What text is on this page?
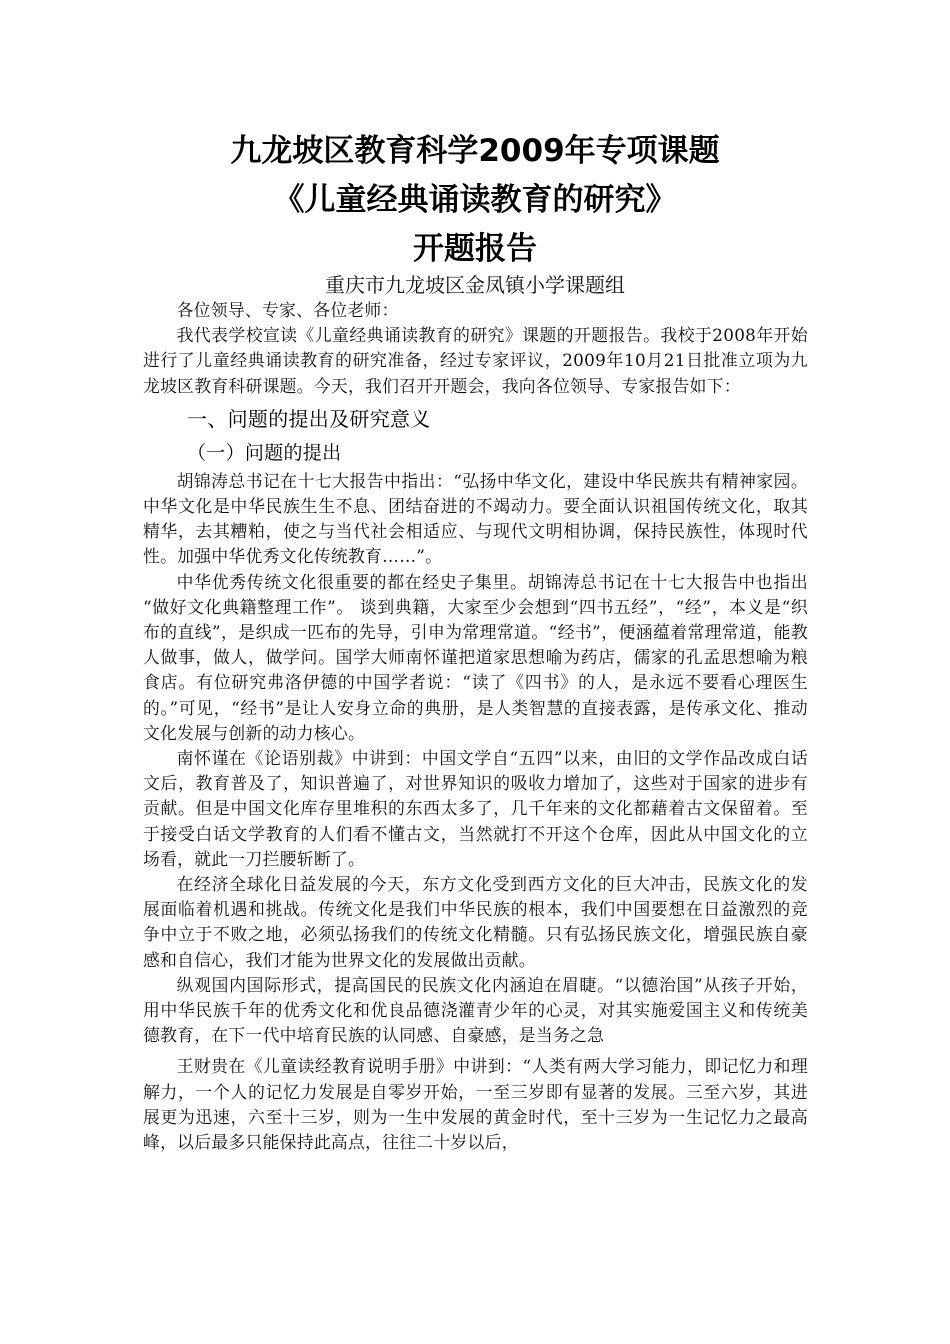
九龙坡区教育科学2009年专项课题
《儿童经典诵读教育的研究》
开题报告
重庆市九龙坡区金凤镇小学课题组

各位领导、专家、各位老师：

我代表学校宣读《儿童经典诵读教育的研究》课题的开题报告。我校于2008年开始进行了儿童经典诵读教育的研究准备，经过专家评议，2009年10月21日批准立项为九龙坡区教育科研课题。今天，我们召开开题会，我向各位领导、专家报告如下：

一、问题的提出及研究意义
（一）问题的提出

胡锦涛总书记在十七大报告中指出：“弘扬中华文化，建设中华民族共有精神家园。中华文化是中华民族生生不息、团结奋进的不竭动力。要全面认识祖国传统文化，取其精华，去其糟粕，使之与当代社会相适应、与现代文明相协调，保持民族性，体现时代性。加强中华优秀文化传统教育……”。

中华优秀传统文化很重要的都在经史子集里。胡锦涛总书记在十七大报告中也指出 “做好文化典籍整理工作”。 谈到典籍，大家至少会想到“四书五经”，“经”，本义是“织布的直线”，是织成一匹布的先导，引申为常理常道。“经书”，便涵蕴着常理常道，能教人做事，做人，做学问。国学大师南怀谨把道家思想喻为药店，儒家的孔孟思想喻为粮食店。有位研究弗洛伊德的中国学者说：“读了《四书》的人，是永远不要看心理医生的。”可见，“经书”是让人安身立命的典册，是人类智慧的直接表露，是传承文化、推动文化发展与创新的动力核心。

南怀谨在《论语别裁》中讲到：中国文学自“五四”以来，由旧的文学作品改成白话文后，教育普及了，知识普遍了，对世界知识的吸收力增加了，这些对于国家的进步有贡献。但是中国文化库存里堆积的东西太多了，几千年来的文化都藉着古文保留着。至于接受白话文学教育的人们看不懂古文，当然就打不开这个仓库，因此从中国文化的立场看，就此一刀拦腰斩断了。

在经济全球化日益发展的今天，东方文化受到西方文化的巨大冲击，民族文化的发展面临着机遇和挑战。传统文化是我们中华民族的根本，我们中国要想在日益激烈的竞争中立于不败之地，必须弘扬我们的传统文化精髓。只有弘扬民族文化，增强民族自豪感和自信心，我们才能为世界文化的发展做出贡献。

纵观国内国际形式，提高国民的民族文化内涵迫在眉睫。“以德治国”从孩子开始，用中华民族千年的优秀文化和优良品德浇灌青少年的心灵，对其实施爱国主义和传统美德教育，在下一代中培育民族的认同感、自豪感，是当务之急

王财贵在《儿童读经教育说明手册》中讲到：“人类有两大学习能力，即记忆力和理解力，一个人的记忆力发展是自零岁开始，一至三岁即有显著的发展。三至六岁，其进展更为迅速，六至十三岁，则为一生中发展的黄金时代，至十三岁为一生记忆力之最高峰，以后最多只能保持此高点，往往二十岁以后，
